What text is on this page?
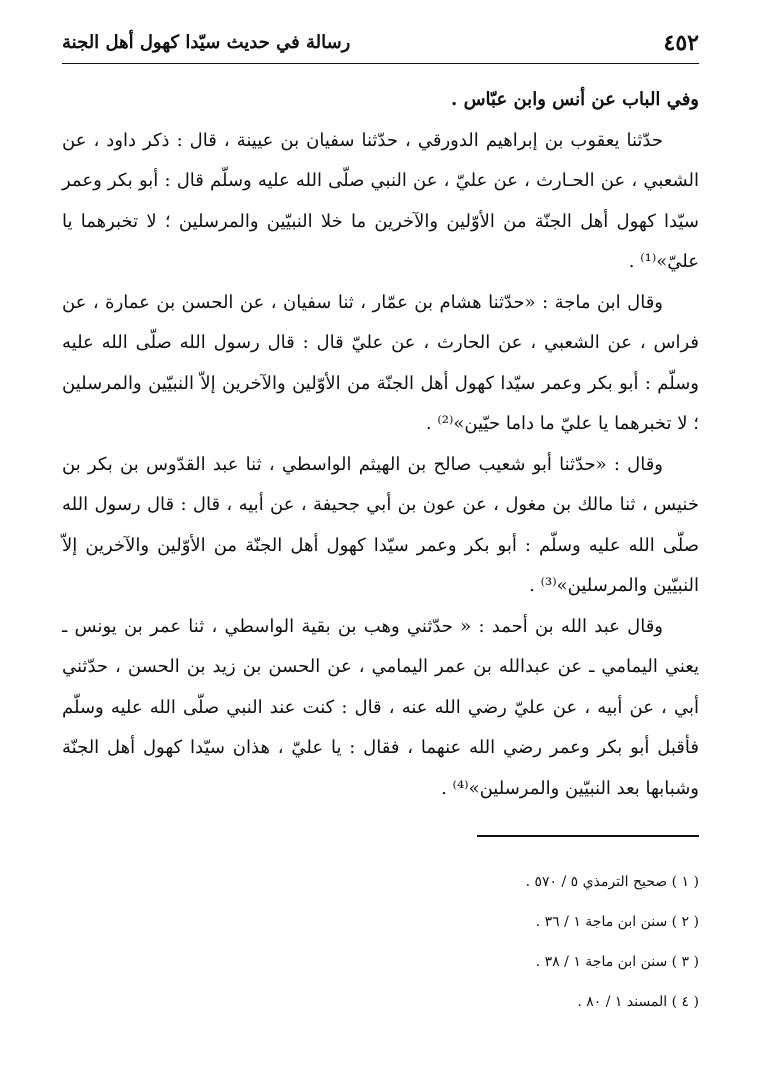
٤٥٢
رسالة في حديث سيّدا كهول أهل الجنة

وفي الباب عن أنس وابن عبّاس .

حدّثنا يعقوب بن إبراهيم الدورقي ، حدّثنا سفيان بن عيينة ، قال : ذكر داود ، عن الشعبي ، عن الحـارث ، عن عليّ ، عن النبي صلّى الله عليه وسلّم قال : أبو بكر وعمر سيّدا كهول أهل الجنّة من الأوّلين والآخرين ما خلا النبيّين والمرسلين ؛ لا تخبرهما يا عليّ»⁽¹⁾ .

وقال ابن ماجة : «حدّثنا هشام بن عمّار ، ثنا سفيان ، عن الحسن بن عمارة ، عن فراس ، عن الشعبي ، عن الحارث ، عن عليّ قال : قال رسول الله صلّى الله عليه وسلّم : أبو بكر وعمر سيّدا كهول أهل الجنّة من الأوّلين والآخرين إلاّ النبيّين والمرسلين ؛ لا تخبرهما يا عليّ ما داما حيّين»⁽²⁾ .

وقال : «حدّثنا أبو شعيب صالح بن الهيثم الواسطي ، ثنا عبد القدّوس بن بكر بن خنيس ، ثنا مالك بن مغول ، عن عون بن أبي جحيفة ، عن أبيه ، قال : قال رسول الله صلّى الله عليه وسلّم : أبو بكر وعمر سيّدا كهول أهل الجنّة من الأوّلين والآخرين إلاّ النبيّين والمرسلين»⁽³⁾ .

وقال عبد الله بن أحمد : « حدّثني وهب بن بقية الواسطي ، ثنا عمر بن يونس ـ يعني اليمامي ـ عن عبدالله بن عمر اليمامي ، عن الحسن بن زيد بن الحسن ، حدّثني أبي ، عن أبيه ، عن عليّ رضي الله عنه ، قال : كنت عند النبي صلّى الله عليه وسلّم فأقبل أبو بكر وعمر رضي الله عنهما ، فقال : يا عليّ ، هذان سيّدا كهول أهل الجنّة وشبابها بعد النبيّين والمرسلين»⁽⁴⁾ .

( ١ ) صحيح الترمذي ٥ / ٥٧٠ .
( ٢ ) سنن ابن ماجة ١ / ٣٦ .
( ٣ ) سنن ابن ماجة ١ / ٣٨ .
( ٤ ) المسند ١ / ٨٠ .
